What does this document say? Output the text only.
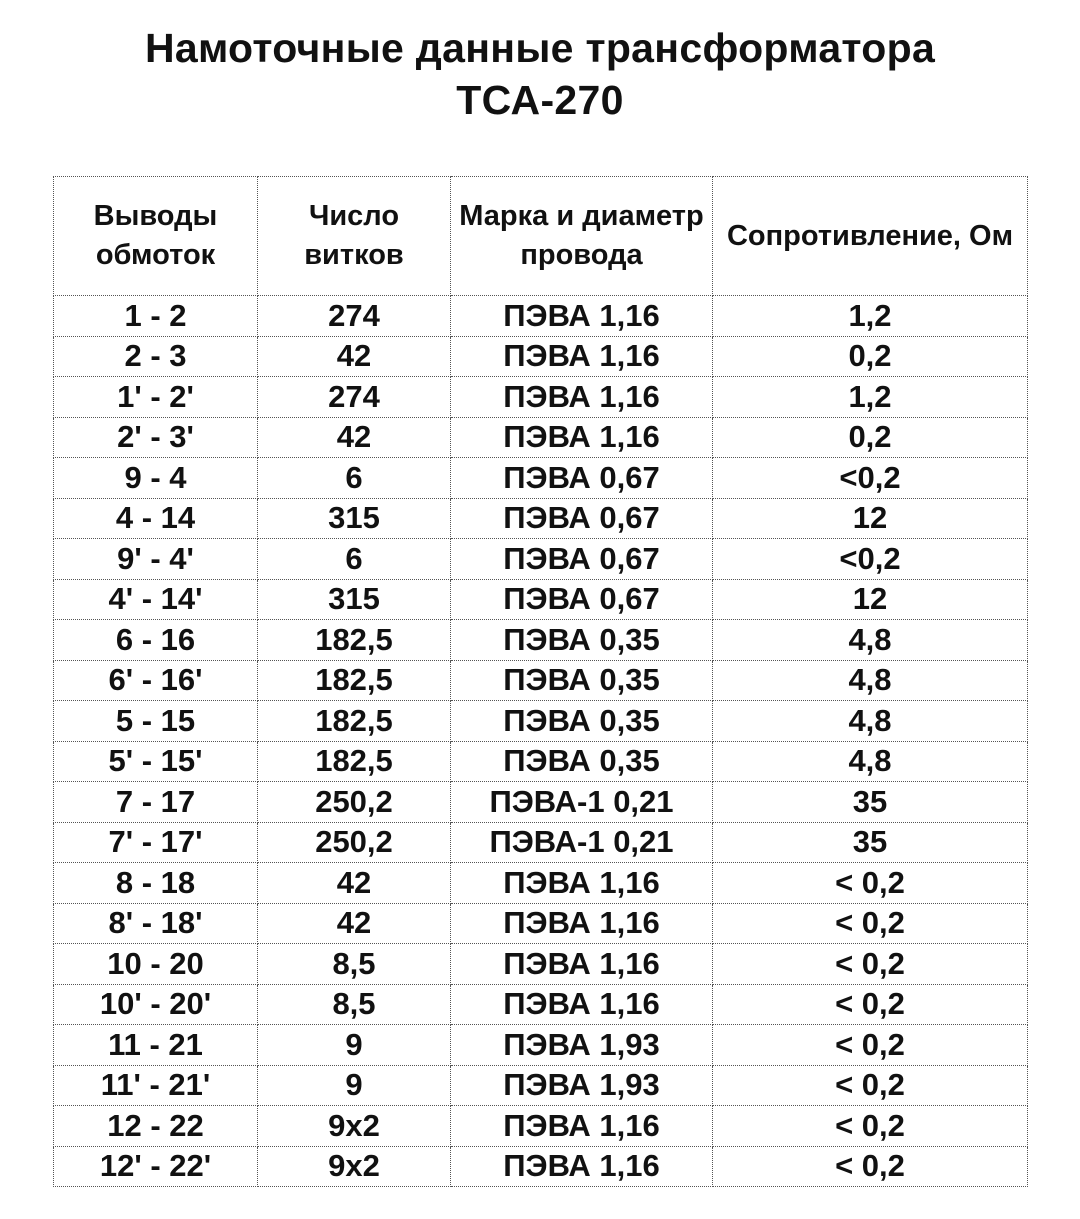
Намоточные данные трансформатора
ТСА-270
Выводы обмоток	Число витков	Марка и диаметр провода	Сопротивление, Ом
1 - 2	274	ПЭВА 1,16	1,2
2 - 3	42	ПЭВА 1,16	0,2
1' - 2'	274	ПЭВА 1,16	1,2
2' - 3'	42	ПЭВА 1,16	0,2
9 - 4	6	ПЭВА 0,67	<0,2
4 - 14	315	ПЭВА 0,67	12
9' - 4'	6	ПЭВА 0,67	<0,2
4' - 14'	315	ПЭВА 0,67	12
6 - 16	182,5	ПЭВА 0,35	4,8
6' - 16'	182,5	ПЭВА 0,35	4,8
5 - 15	182,5	ПЭВА 0,35	4,8
5' - 15'	182,5	ПЭВА 0,35	4,8
7 - 17	250,2	ПЭВА-1 0,21	35
7' - 17'	250,2	ПЭВА-1 0,21	35
8 - 18	42	ПЭВА 1,16	< 0,2
8' - 18'	42	ПЭВА 1,16	< 0,2
10 - 20	8,5	ПЭВА 1,16	< 0,2
10' - 20'	8,5	ПЭВА 1,16	< 0,2
11 - 21	9	ПЭВА 1,93	< 0,2
11' - 21'	9	ПЭВА 1,93	< 0,2
12 - 22	9x2	ПЭВА 1,16	< 0,2
12' - 22'	9x2	ПЭВА 1,16	< 0,2
